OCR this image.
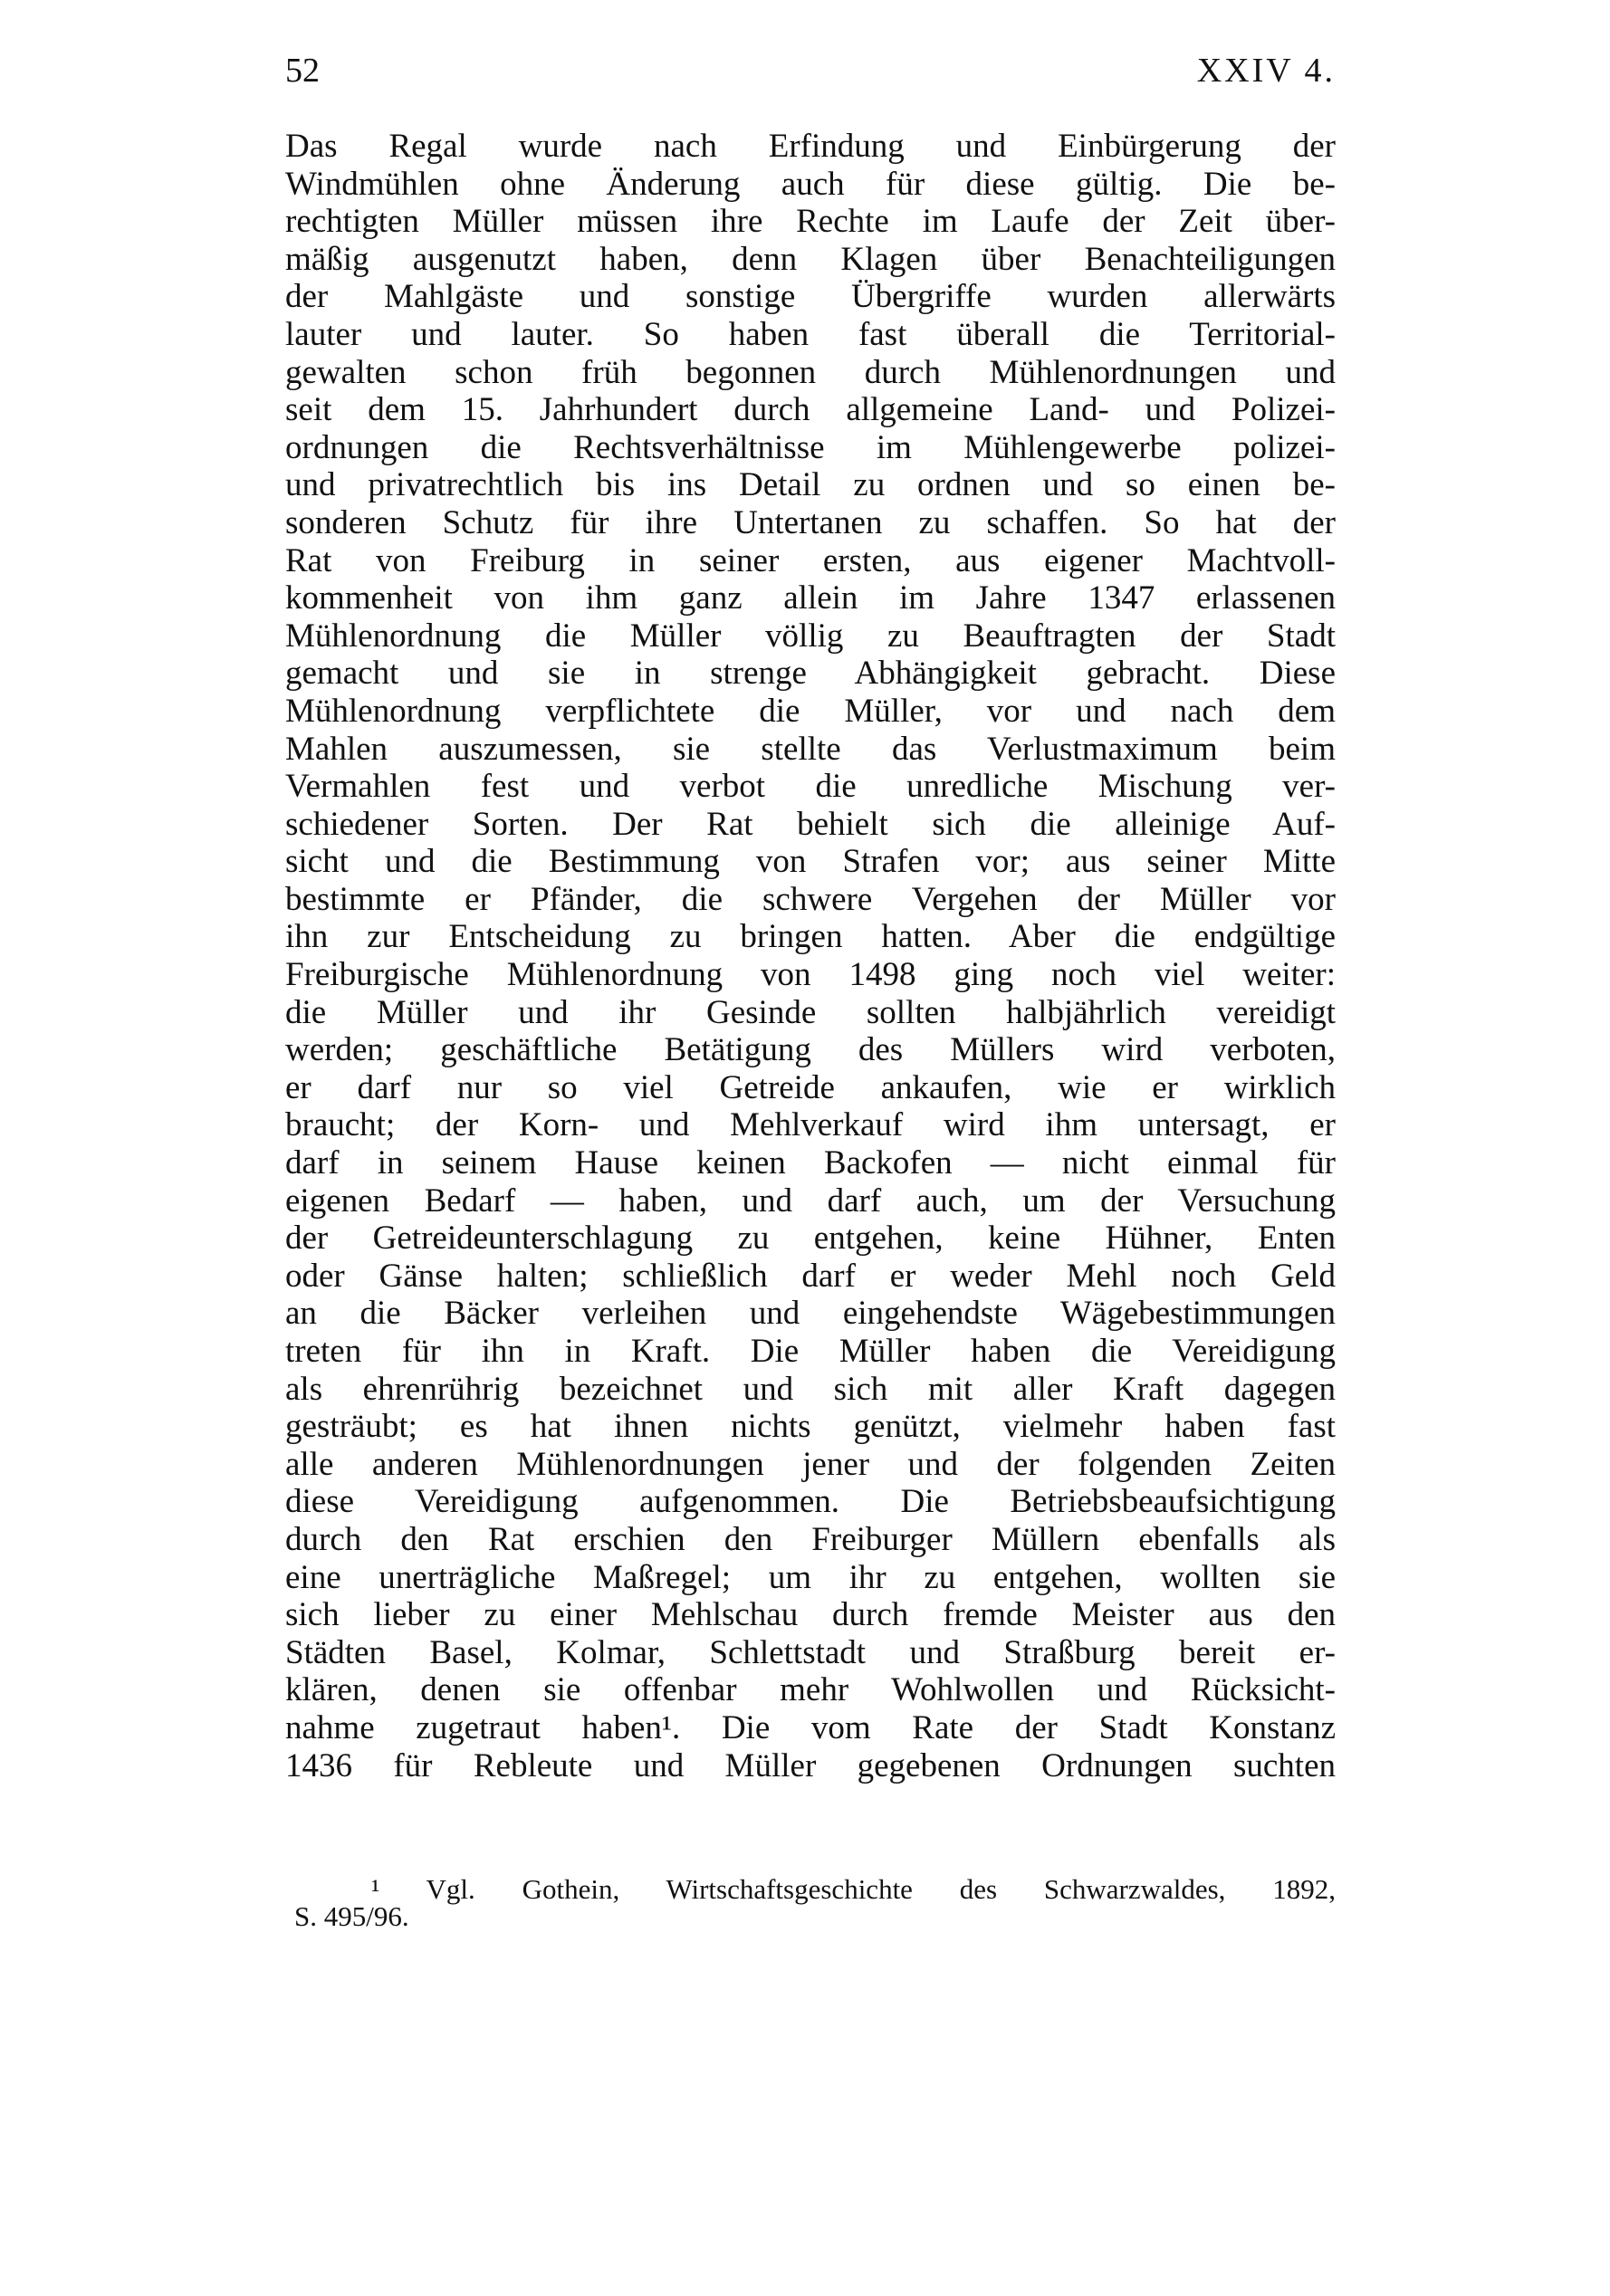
52	XXIV 4.
Das Regal wurde nach Erfindung und Einbürgerung der
Windmühlen ohne Änderung auch für diese gültig. Die be-
rechtigten Müller müssen ihre Rechte im Laufe der Zeit über-
mäßig ausgenutzt haben, denn Klagen über Benachteiligungen
der Mahlgäste und sonstige Übergriffe wurden allerwärts
lauter und lauter. So haben fast überall die Territorial-
gewalten schon früh begonnen durch Mühlenordnungen und
seit dem 15. Jahrhundert durch allgemeine Land- und Polizei-
ordnungen die Rechtsverhältnisse im Mühlengewerbe polizei-
und privatrechtlich bis ins Detail zu ordnen und so einen be-
sonderen Schutz für ihre Untertanen zu schaffen. So hat der
Rat von Freiburg in seiner ersten, aus eigener Machtvoll-
kommenheit von ihm ganz allein im Jahre 1347 erlassenen
Mühlenordnung die Müller völlig zu Beauftragten der Stadt
gemacht und sie in strenge Abhängigkeit gebracht. Diese
Mühlenordnung verpflichtete die Müller, vor und nach dem
Mahlen auszumessen, sie stellte das Verlustmaximum beim
Vermahlen fest und verbot die unredliche Mischung ver-
schiedener Sorten. Der Rat behielt sich die alleinige Auf-
sicht und die Bestimmung von Strafen vor; aus seiner Mitte
bestimmte er Pfänder, die schwere Vergehen der Müller vor
ihn zur Entscheidung zu bringen hatten. Aber die endgültige
Freiburgische Mühlenordnung von 1498 ging noch viel weiter:
die Müller und ihr Gesinde sollten halbjährlich vereidigt
werden; geschäftliche Betätigung des Müllers wird verboten,
er darf nur so viel Getreide ankaufen, wie er wirklich
braucht; der Korn- und Mehlverkauf wird ihm untersagt, er
darf in seinem Hause keinen Backofen — nicht einmal für
eigenen Bedarf — haben, und darf auch, um der Versuchung
der Getreideunterschlagung zu entgehen, keine Hühner, Enten
oder Gänse halten; schließlich darf er weder Mehl noch Geld
an die Bäcker verleihen und eingehendste Wägebestimmungen
treten für ihn in Kraft. Die Müller haben die Vereidigung
als ehrenrührig bezeichnet und sich mit aller Kraft dagegen
gesträubt; es hat ihnen nichts genützt, vielmehr haben fast
alle anderen Mühlenordnungen jener und der folgenden Zeiten
diese Vereidigung aufgenommen. Die Betriebsbeaufsichtigung
durch den Rat erschien den Freiburger Müllern ebenfalls als
eine unerträgliche Maßregel; um ihr zu entgehen, wollten sie
sich lieber zu einer Mehlschau durch fremde Meister aus den
Städten Basel, Kolmar, Schlettstadt und Straßburg bereit er-
klären, denen sie offenbar mehr Wohlwollen und Rücksicht-
nahme zugetraut haben¹. Die vom Rate der Stadt Konstanz
1436 für Rebleute und Müller gegebenen Ordnungen suchten
¹ Vgl. Gothein, Wirtschaftsgeschichte des Schwarzwaldes, 1892,
S. 495/96.
